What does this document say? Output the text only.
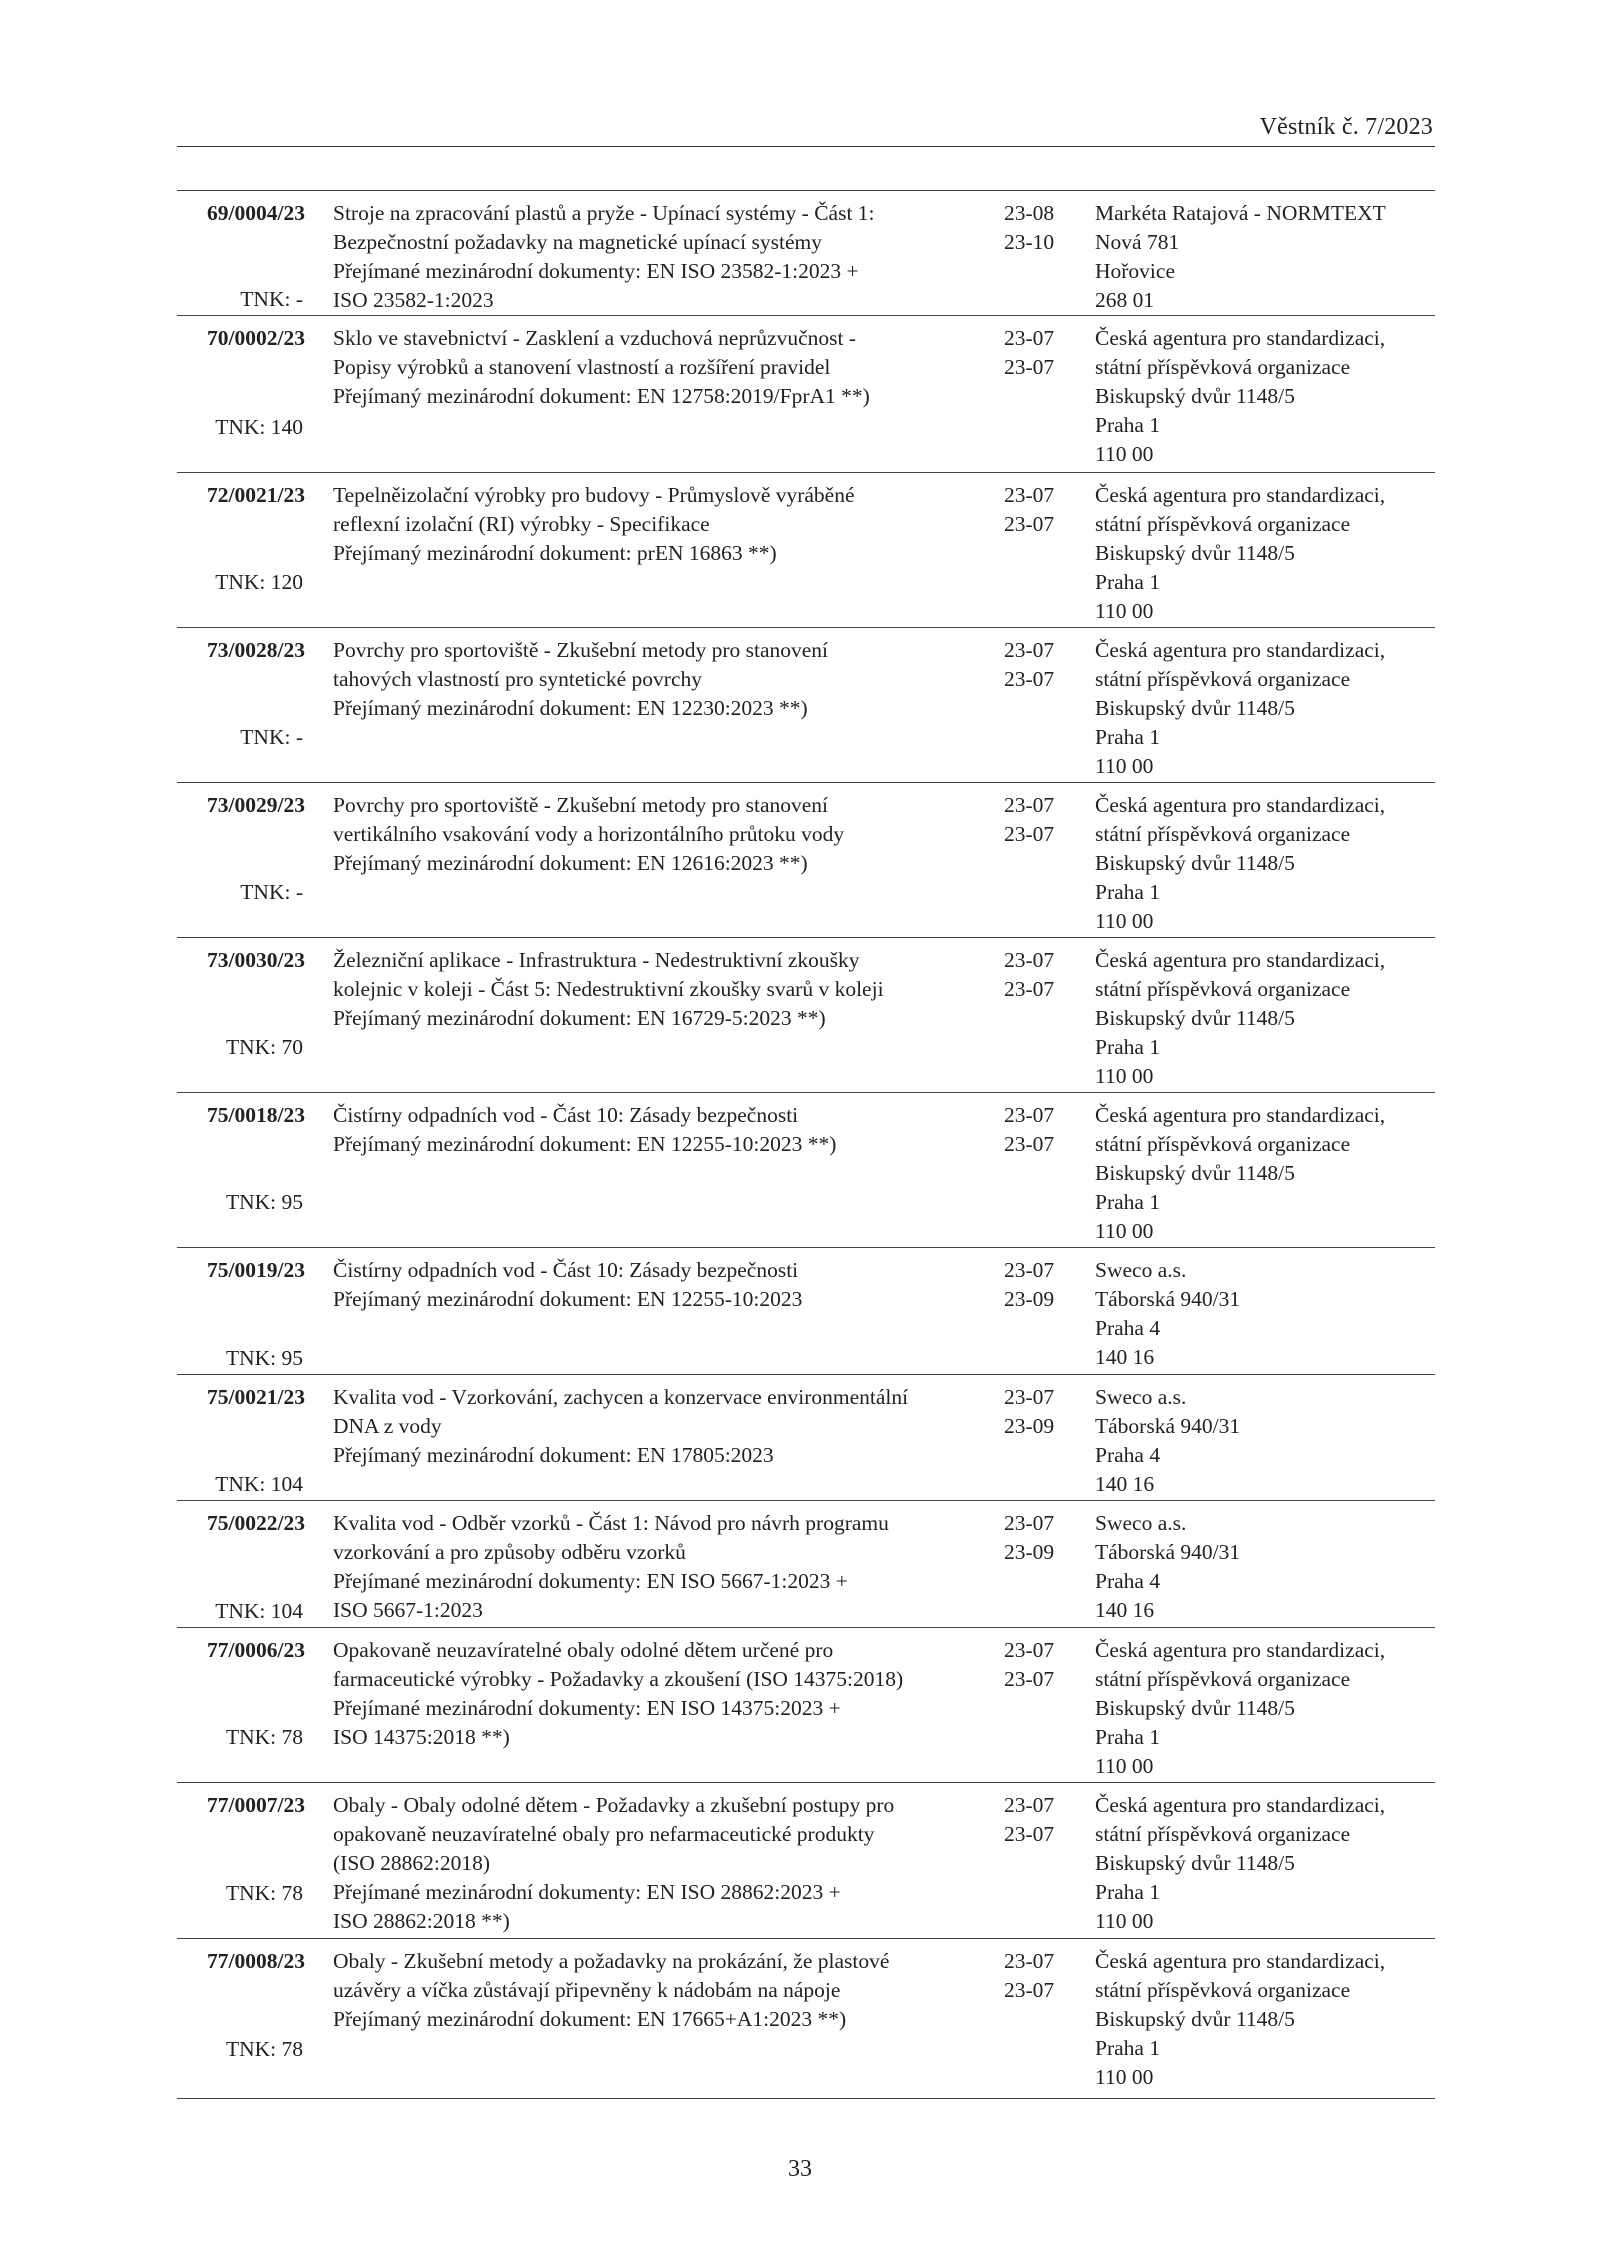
Věstník č. 7/2023
69/0004/23
TNK: -
Stroje na zpracování plastů a pryže - Upínací systémy - Část 1:
Bezpečnostní požadavky na magnetické upínací systémy
Přejímané mezinárodní dokumenty: EN ISO 23582-1:2023 +
ISO 23582-1:2023
23-08
23-10
Markéta Ratajová - NORMTEXT
Nová 781
Hořovice
268 01
70/0002/23
TNK: 140
Sklo ve stavebnictví - Zasklení a vzduchová neprůzvučnost -
Popisy výrobků a stanovení vlastností a rozšíření pravidel
Přejímaný mezinárodní dokument: EN 12758:2019/FprA1 **)
23-07
23-07
Česká agentura pro standardizaci,
státní příspěvková organizace
Biskupský dvůr 1148/5
Praha 1
110 00
72/0021/23
TNK: 120
Tepelněizolační výrobky pro budovy - Průmyslově vyráběné
reflexní izolační (RI) výrobky - Specifikace
Přejímaný mezinárodní dokument: prEN 16863 **)
23-07
23-07
Česká agentura pro standardizaci,
státní příspěvková organizace
Biskupský dvůr 1148/5
Praha 1
110 00
73/0028/23
TNK: -
Povrchy pro sportoviště - Zkušební metody pro stanovení
tahových vlastností pro syntetické povrchy
Přejímaný mezinárodní dokument: EN 12230:2023 **)
23-07
23-07
Česká agentura pro standardizaci,
státní příspěvková organizace
Biskupský dvůr 1148/5
Praha 1
110 00
73/0029/23
TNK: -
Povrchy pro sportoviště - Zkušební metody pro stanovení
vertikálního vsakování vody a horizontálního průtoku vody
Přejímaný mezinárodní dokument: EN 12616:2023 **)
23-07
23-07
Česká agentura pro standardizaci,
státní příspěvková organizace
Biskupský dvůr 1148/5
Praha 1
110 00
73/0030/23
TNK: 70
Železniční aplikace - Infrastruktura - Nedestruktivní zkoušky
kolejnic v koleji - Část 5: Nedestruktivní zkoušky svarů v koleji
Přejímaný mezinárodní dokument: EN 16729-5:2023 **)
23-07
23-07
Česká agentura pro standardizaci,
státní příspěvková organizace
Biskupský dvůr 1148/5
Praha 1
110 00
75/0018/23
TNK: 95
Čistírny odpadních vod - Část 10: Zásady bezpečnosti
Přejímaný mezinárodní dokument: EN 12255-10:2023 **)
23-07
23-07
Česká agentura pro standardizaci,
státní příspěvková organizace
Biskupský dvůr 1148/5
Praha 1
110 00
75/0019/23
TNK: 95
Čistírny odpadních vod - Část 10: Zásady bezpečnosti
Přejímaný mezinárodní dokument: EN 12255-10:2023
23-07
23-09
Sweco a.s.
Táborská 940/31
Praha 4
140 16
75/0021/23
TNK: 104
Kvalita vod - Vzorkování, zachycen a konzervace environmentální
DNA z vody
Přejímaný mezinárodní dokument: EN 17805:2023
23-07
23-09
Sweco a.s.
Táborská 940/31
Praha 4
140 16
75/0022/23
TNK: 104
Kvalita vod - Odběr vzorků - Část 1: Návod pro návrh programu
vzorkování a pro způsoby odběru vzorků
Přejímané mezinárodní dokumenty: EN ISO 5667-1:2023 +
ISO 5667-1:2023
23-07
23-09
Sweco a.s.
Táborská 940/31
Praha 4
140 16
77/0006/23
TNK: 78
Opakovaně neuzavíratelné obaly odolné dětem určené pro
farmaceutické výrobky - Požadavky a zkoušení (ISO 14375:2018)
Přejímané mezinárodní dokumenty: EN ISO 14375:2023 +
ISO 14375:2018 **)
23-07
23-07
Česká agentura pro standardizaci,
státní příspěvková organizace
Biskupský dvůr 1148/5
Praha 1
110 00
77/0007/23
TNK: 78
Obaly - Obaly odolné dětem - Požadavky a zkušební postupy pro
opakovaně neuzavíratelné obaly pro nefarmaceutické produkty
(ISO 28862:2018)
Přejímané mezinárodní dokumenty: EN ISO 28862:2023 +
ISO 28862:2018 **)
23-07
23-07
Česká agentura pro standardizaci,
státní příspěvková organizace
Biskupský dvůr 1148/5
Praha 1
110 00
77/0008/23
TNK: 78
Obaly - Zkušební metody a požadavky na prokázání, že plastové
uzávěry a víčka zůstávají připevněny k nádobám na nápoje
Přejímaný mezinárodní dokument: EN 17665+A1:2023 **)
23-07
23-07
Česká agentura pro standardizaci,
státní příspěvková organizace
Biskupský dvůr 1148/5
Praha 1
110 00
33
